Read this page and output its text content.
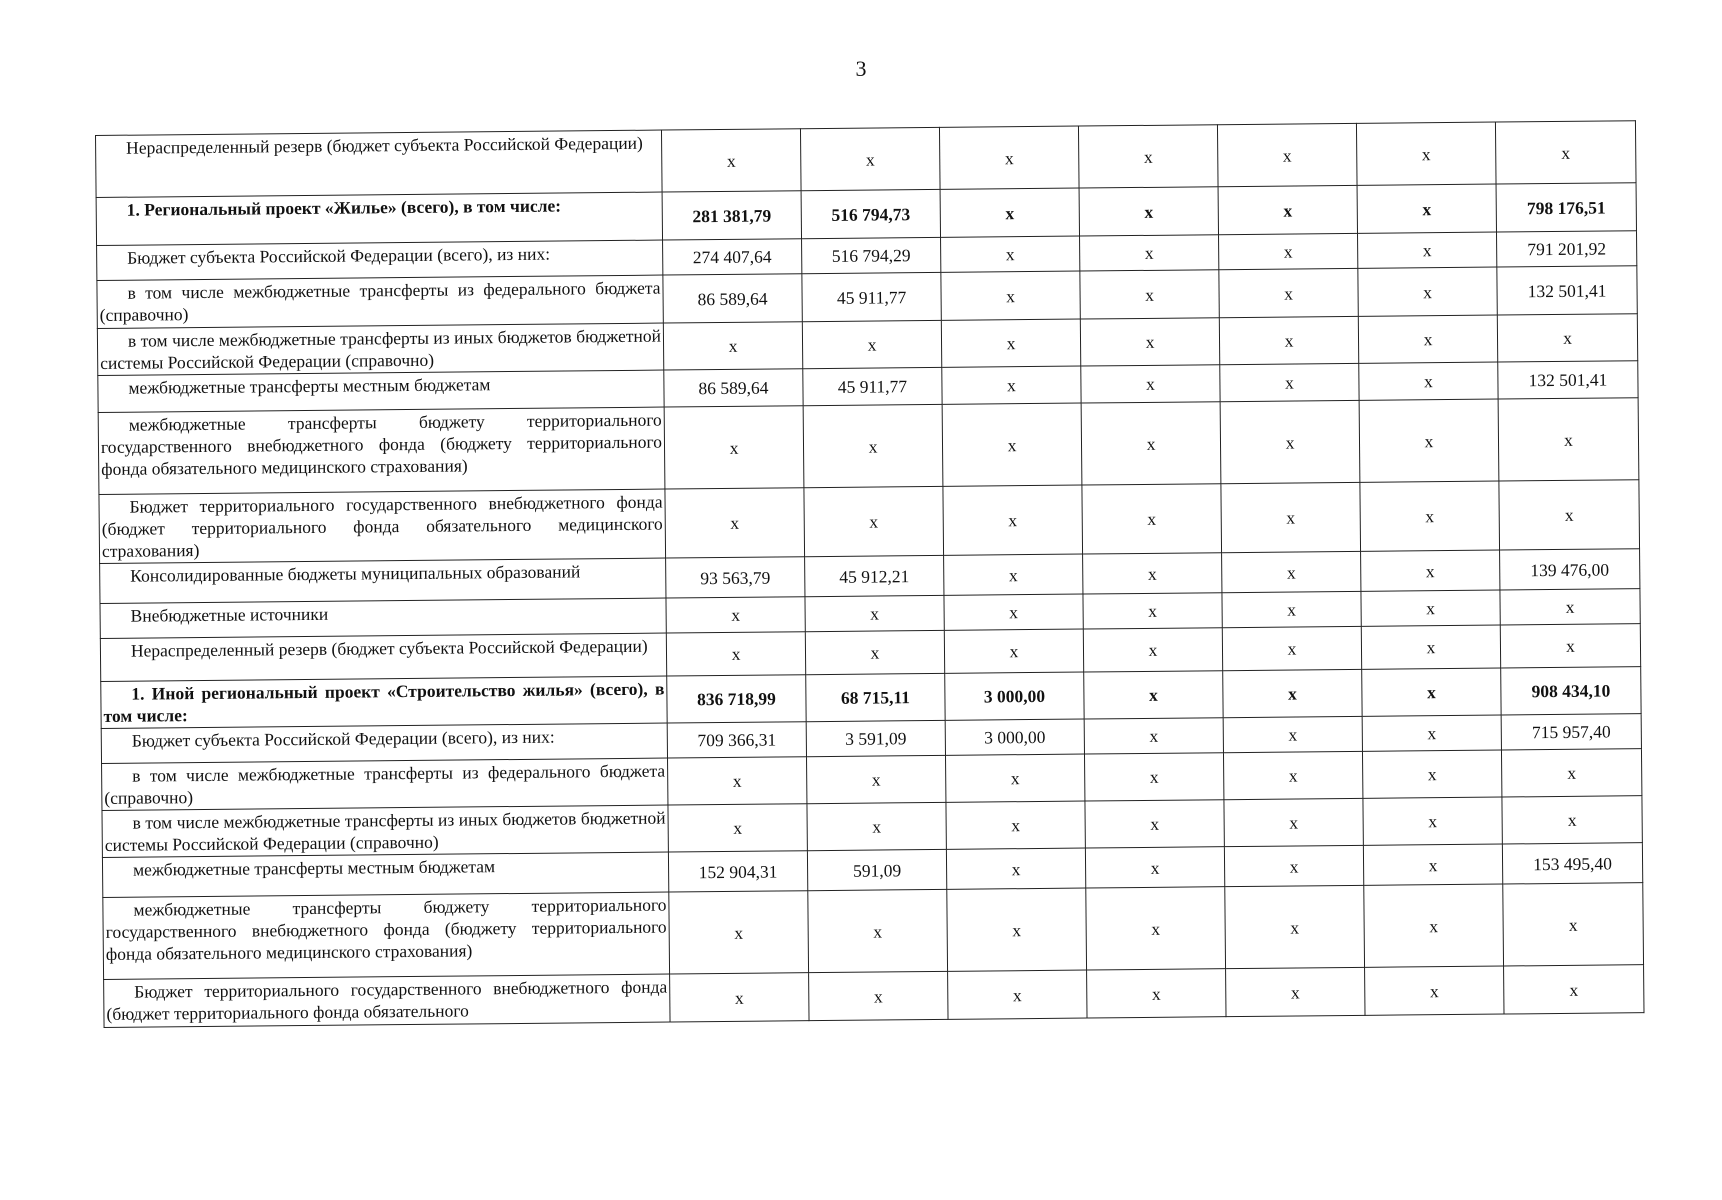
3
Нераспределенный резерв (бюджет субъекта Российской Федерации)	x	x	x	x	x	x	x
1. Региональный проект «Жилье» (всего), в том числе:	281 381,79	516 794,73	x	x	x	x	798 176,51
Бюджет субъекта Российской Федерации (всего), из них:	274 407,64	516 794,29	x	x	x	x	791 201,92
в том числе межбюджетные трансферты из федерального бюджета (справочно)	86 589,64	45 911,77	x	x	x	x	132 501,41
в том числе межбюджетные трансферты из иных бюджетов бюджетной системы Российской Федерации (справочно)	x	x	x	x	x	x	x
межбюджетные трансферты местным бюджетам	86 589,64	45 911,77	x	x	x	x	132 501,41
межбюджетные трансферты бюджету территориального государственного внебюджетного фонда (бюджету территориального фонда обязательного медицинского страхования)	x	x	x	x	x	x	x
Бюджет территориального государственного внебюджетного фонда (бюджет территориального фонда обязательного медицинского страхования)	x	x	x	x	x	x	x
Консолидированные бюджеты муниципальных образований	93 563,79	45 912,21	x	x	x	x	139 476,00
Внебюджетные источники	x	x	x	x	x	x	x
Нераспределенный резерв (бюджет субъекта Российской Федерации)	x	x	x	x	x	x	x
1. Иной региональный проект «Строительство жилья» (всего), в том числе:	836 718,99	68 715,11	3 000,00	x	x	x	908 434,10
Бюджет субъекта Российской Федерации (всего), из них:	709 366,31	3 591,09	3 000,00	x	x	x	715 957,40
в том числе межбюджетные трансферты из федерального бюджета (справочно)	x	x	x	x	x	x	x
в том числе межбюджетные трансферты из иных бюджетов бюджетной системы Российской Федерации (справочно)	x	x	x	x	x	x	x
межбюджетные трансферты местным бюджетам	152 904,31	591,09	x	x	x	x	153 495,40
межбюджетные трансферты бюджету территориального государственного внебюджетного фонда (бюджету территориального фонда обязательного медицинского страхования)	x	x	x	x	x	x	x
Бюджет территориального государственного внебюджетного фонда (бюджет территориального фонда обязательного	x	x	x	x	x	x	x
